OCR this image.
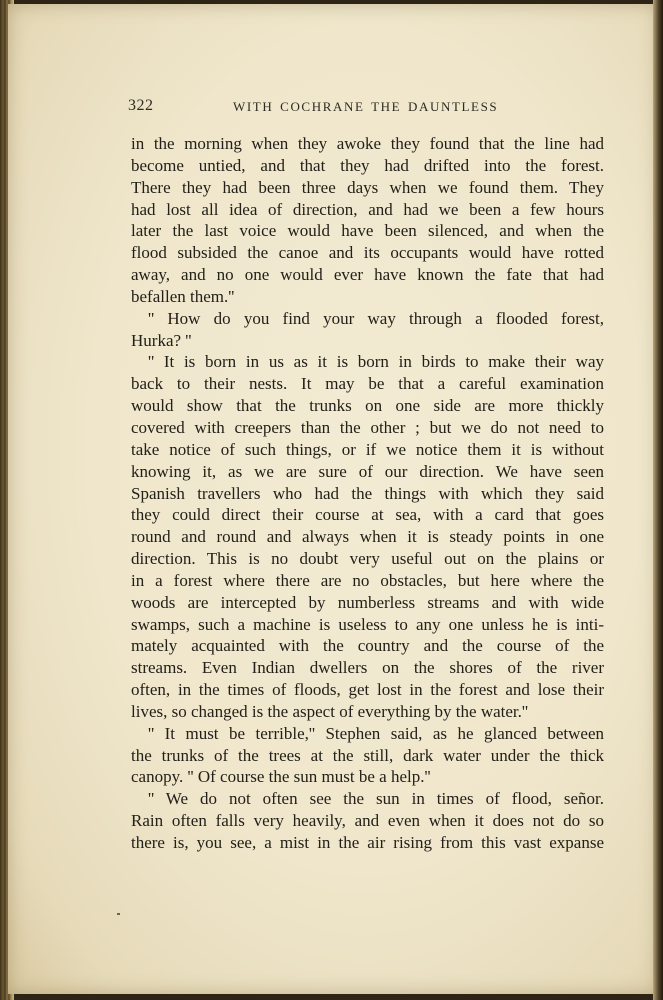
322	WITH COCHRANE THE DAUNTLESS
in the morning when they awoke they found that the line had
become untied, and that they had drifted into the forest.
There they had been three days when we found them. They
had lost all idea of direction, and had we been a few hours
later the last voice would have been silenced, and when the
flood subsided the canoe and its occupants would have rotted
away, and no one would ever have known the fate that had
befallen them.''
'' How do you find your way through a flooded forest,
Hurka? ''
'' It is born in us as it is born in birds to make their way
back to their nests. It may be that a careful examination
would show that the trunks on one side are more thickly
covered with creepers than the other ; but we do not need to
take notice of such things, or if we notice them it is without
knowing it, as we are sure of our direction. We have seen
Spanish travellers who had the things with which they said
they could direct their course at sea, with a card that goes
round and round and always when it is steady points in one
direction. This is no doubt very useful out on the plains or
in a forest where there are no obstacles, but here where the
woods are intercepted by numberless streams and with wide
swamps, such a machine is useless to any one unless he is inti-
mately acquainted with the country and the course of the
streams. Even Indian dwellers on the shores of the river
often, in the times of floods, get lost in the forest and lose their
lives, so changed is the aspect of everything by the water.''
'' It must be terrible,'' Stephen said, as he glanced between
the trunks of the trees at the still, dark water under the thick
canopy. '' Of course the sun must be a help.''
'' We do not often see the sun in times of flood, señor.
Rain often falls very heavily, and even when it does not do so
there is, you see, a mist in the air rising from this vast expanse
